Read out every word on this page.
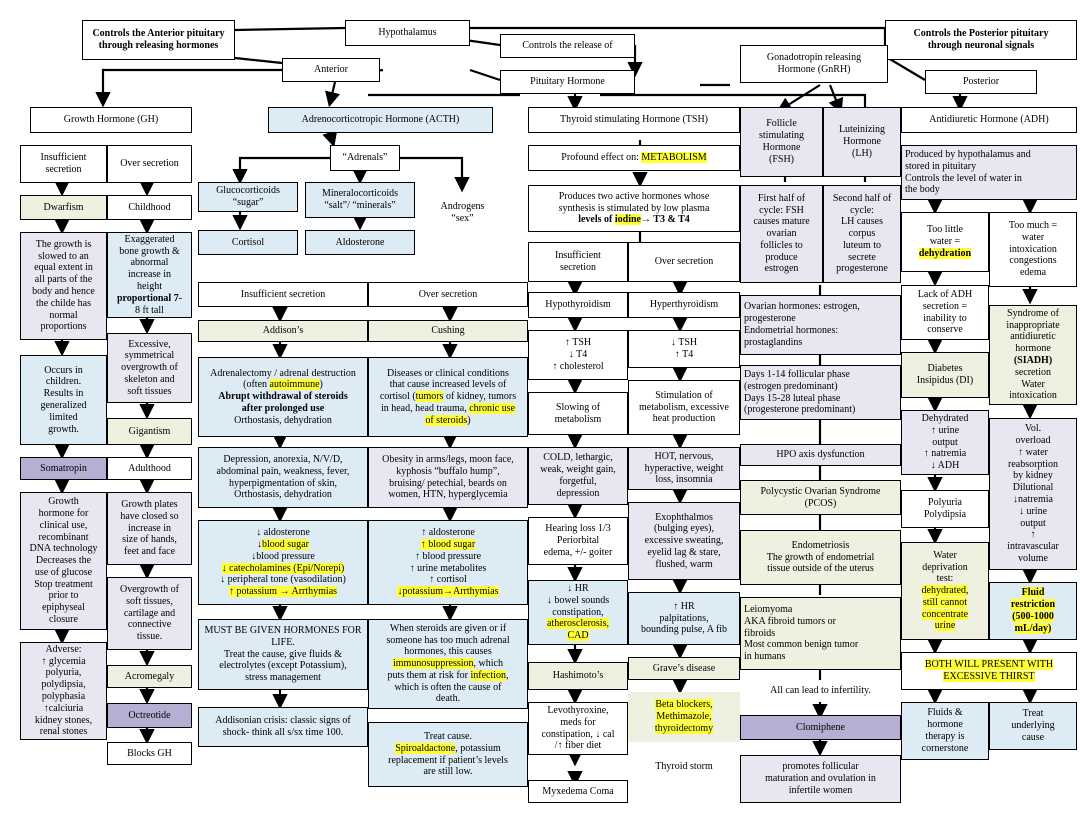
Controls the Anterior pituitary
through releasing hormones
Hypothalamus	Controls the Posterior pituitary
through neuronal signals
Controls the release of
Anterior
Pituitary Hormone
Gonadotropin releasing
Hormone (GnRH)
Posterior
Growth Hormone (GH)	Adrenocorticotropic Hormone (ACTH)	Thyroid stimulating Hormone (TSH)	Follicle
stimulating
Hormone
(FSH)
Luteinizing
Hormone
(LH)
Antidiuretic Hormone (ADH)
Insufficient
secretion
Over secretion
“Adrenals”	Profound effect on: METABOLISM	Produced by hypothalamus and
stored in pituitary
Controls the level of water in
the body
Dwarfism	Childhood
Glucocorticoids
“sugar”
Mineralocorticoids
“salt”/ “minerals”	Androgens
“sex”
Produces two active hormones whose
synthesis is stimulated by low plasma
levels of iodine→ T3 & T4
First half of
cycle: FSH
causes mature
ovarian
follicles to
produce
estrogen
Second half of
cycle:
LH causes
corpus
luteum to
secrete
progesterone
Too little
water =
dehydration
Too much =
water
intoxication
congestions
edema
Cortisol	Aldosterone
The growth is
slowed to an
equal extent in
all parts of the
body and hence
the childe has
normal
proportions
Exaggerated
bone growth &
abnormal
increase in
height
proportional 7-
8 ft tall
Insufficient
secretion
Over secretion
Insufficient secretion	Over secretion
Hypothyroidism	Hyperthyroidism	Ovarian hormones: estrogen,
progesterone
Endometrial hormones:
prostaglandins
Lack of ADH
secretion =
inability to
conserve
Syndrome of
inappropriate
antidiuretic
hormone
(SIADH)
secretion
Water
intoxication
Addison’s	Cushing
Excessive,
symmetrical
overgrowth of
skeleton and
soft tissues
↑ TSH
↓ T4
↑ cholesterol
↓ TSH
↑ T4
Occurs in
children.
Results in
generalized
limited
growth.
Adrenalectomy / adrenal destruction
(often autoimmune)
Abrupt withdrawal of steroids
after prolonged use
Orthostasis, dehydration
Diseases or clinical conditions
that cause increased levels of
cortisol (tumors of kidney, tumors
in head, head trauma, chronic use
of steroids)
Days 1-14 follicular phase
(estrogen predominant)
Days 15-28 luteal phase
(progesterone predominant)
Diabetes
Insipidus (DI)
Slowing of
metabolism
Stimulation of
metabolism, excessive
heat production
Gigantism
Dehydrated
↑ urine
output
↑ natremia
↓ ADH
Vol.
overload
↑ water
reabsorption
by kidney
Dilutional
↓natremia
↓ urine
output
↑
intravascular
volume
Depression, anorexia, N/V/D,
abdominal pain, weakness, fever,
hyperpigmentation of skin,
Orthostasis, dehydration
Obesity in arms/legs, moon face,
kyphosis “buffalo hump”,
bruising/ petechial, beards on
women, HTN, hyperglycemia
COLD, lethargic,
weak, weight gain,
forgetful,
depression
HOT, nervous,
hyperactive, weight
loss, insomnia
HPO axis dysfunction
Somatropin	Adulthood
Polycystic Ovarian Syndrome
(PCOS)	Polyuria
Polydipsia
Exophthalmos
(bulging eyes),
excessive sweating,
eyelid lag & stare,
flushed, warm
Growth
hormone for
clinical use,
recombinant
DNA technology
Decreases the
use of glucose
Stop treatment
prior to
epiphyseal
closure
Growth plates
have closed so
increase in
size of hands,
feet and face
↓ aldosterone
↓blood sugar
↓blood pressure
↓ catecholamines (Epi/Norepi)
↓ peripheral tone (vasodilation)
↑ potassium → Arrthymias
↑ aldosterone
↑ blood sugar
↑ blood pressure
↑ urine metabolites
↑ cortisol
↓potassium→Arrthymias
Hearing loss 1/3
Periorbital
edema, +/- goiter
Endometriosis
The growth of endometrial
tissue outside of the uterus
Water
deprivation
test:
dehydrated,
still cannot
concentrate
urine
↓ HR
↓ bowel sounds
constipation,
atherosclerosis,
CAD
Overgrowth of
soft tissues,
cartilage and
connective
tissue.
↑ HR
palpitations,
bounding pulse, A fib
Fluid
restriction
(500-1000
mL/day)
Leiomyoma
AKA fibroid tumors or
fibroids
Most common benign tumor
in humans
MUST BE GIVEN HORMONES FOR
LIFE.
Treat the cause, give fluids &
electrolytes (except Potassium),
stress management
When steroids are given or if
someone has too much adrenal
hormones, this causes
immunosuppression, which
puts them at risk for infection,
which is often the cause of
death.
Adverse:
↑ glycemia
polyuria,
polydipsia,
polyphasia
↑calciuria
kidney stones,
renal stones
Grave’s disease	BOTH WILL PRESENT WITH
EXCESSIVE THIRST
Acromegaly	Hashimoto’s
All can lead to infertility.
Octreotide
Addisonian crisis: classic signs of
shock- think all s/sx time 100.
Levothyroxine,
meds for
constipation, ↓ cal
/↑ fiber diet
Beta blockers,
Methimazole,
thyroidectomy	Clomiphene
Fluids &
hormone
therapy is
cornerstone
Treat
underlying
cause
Treat cause.
Spiroaldactone, potassium
replacement if patient’s levels
are still low.
Blocks GH
Thyroid storm	promotes follicular
maturation and ovulation in
infertile women
Myxedema Coma
